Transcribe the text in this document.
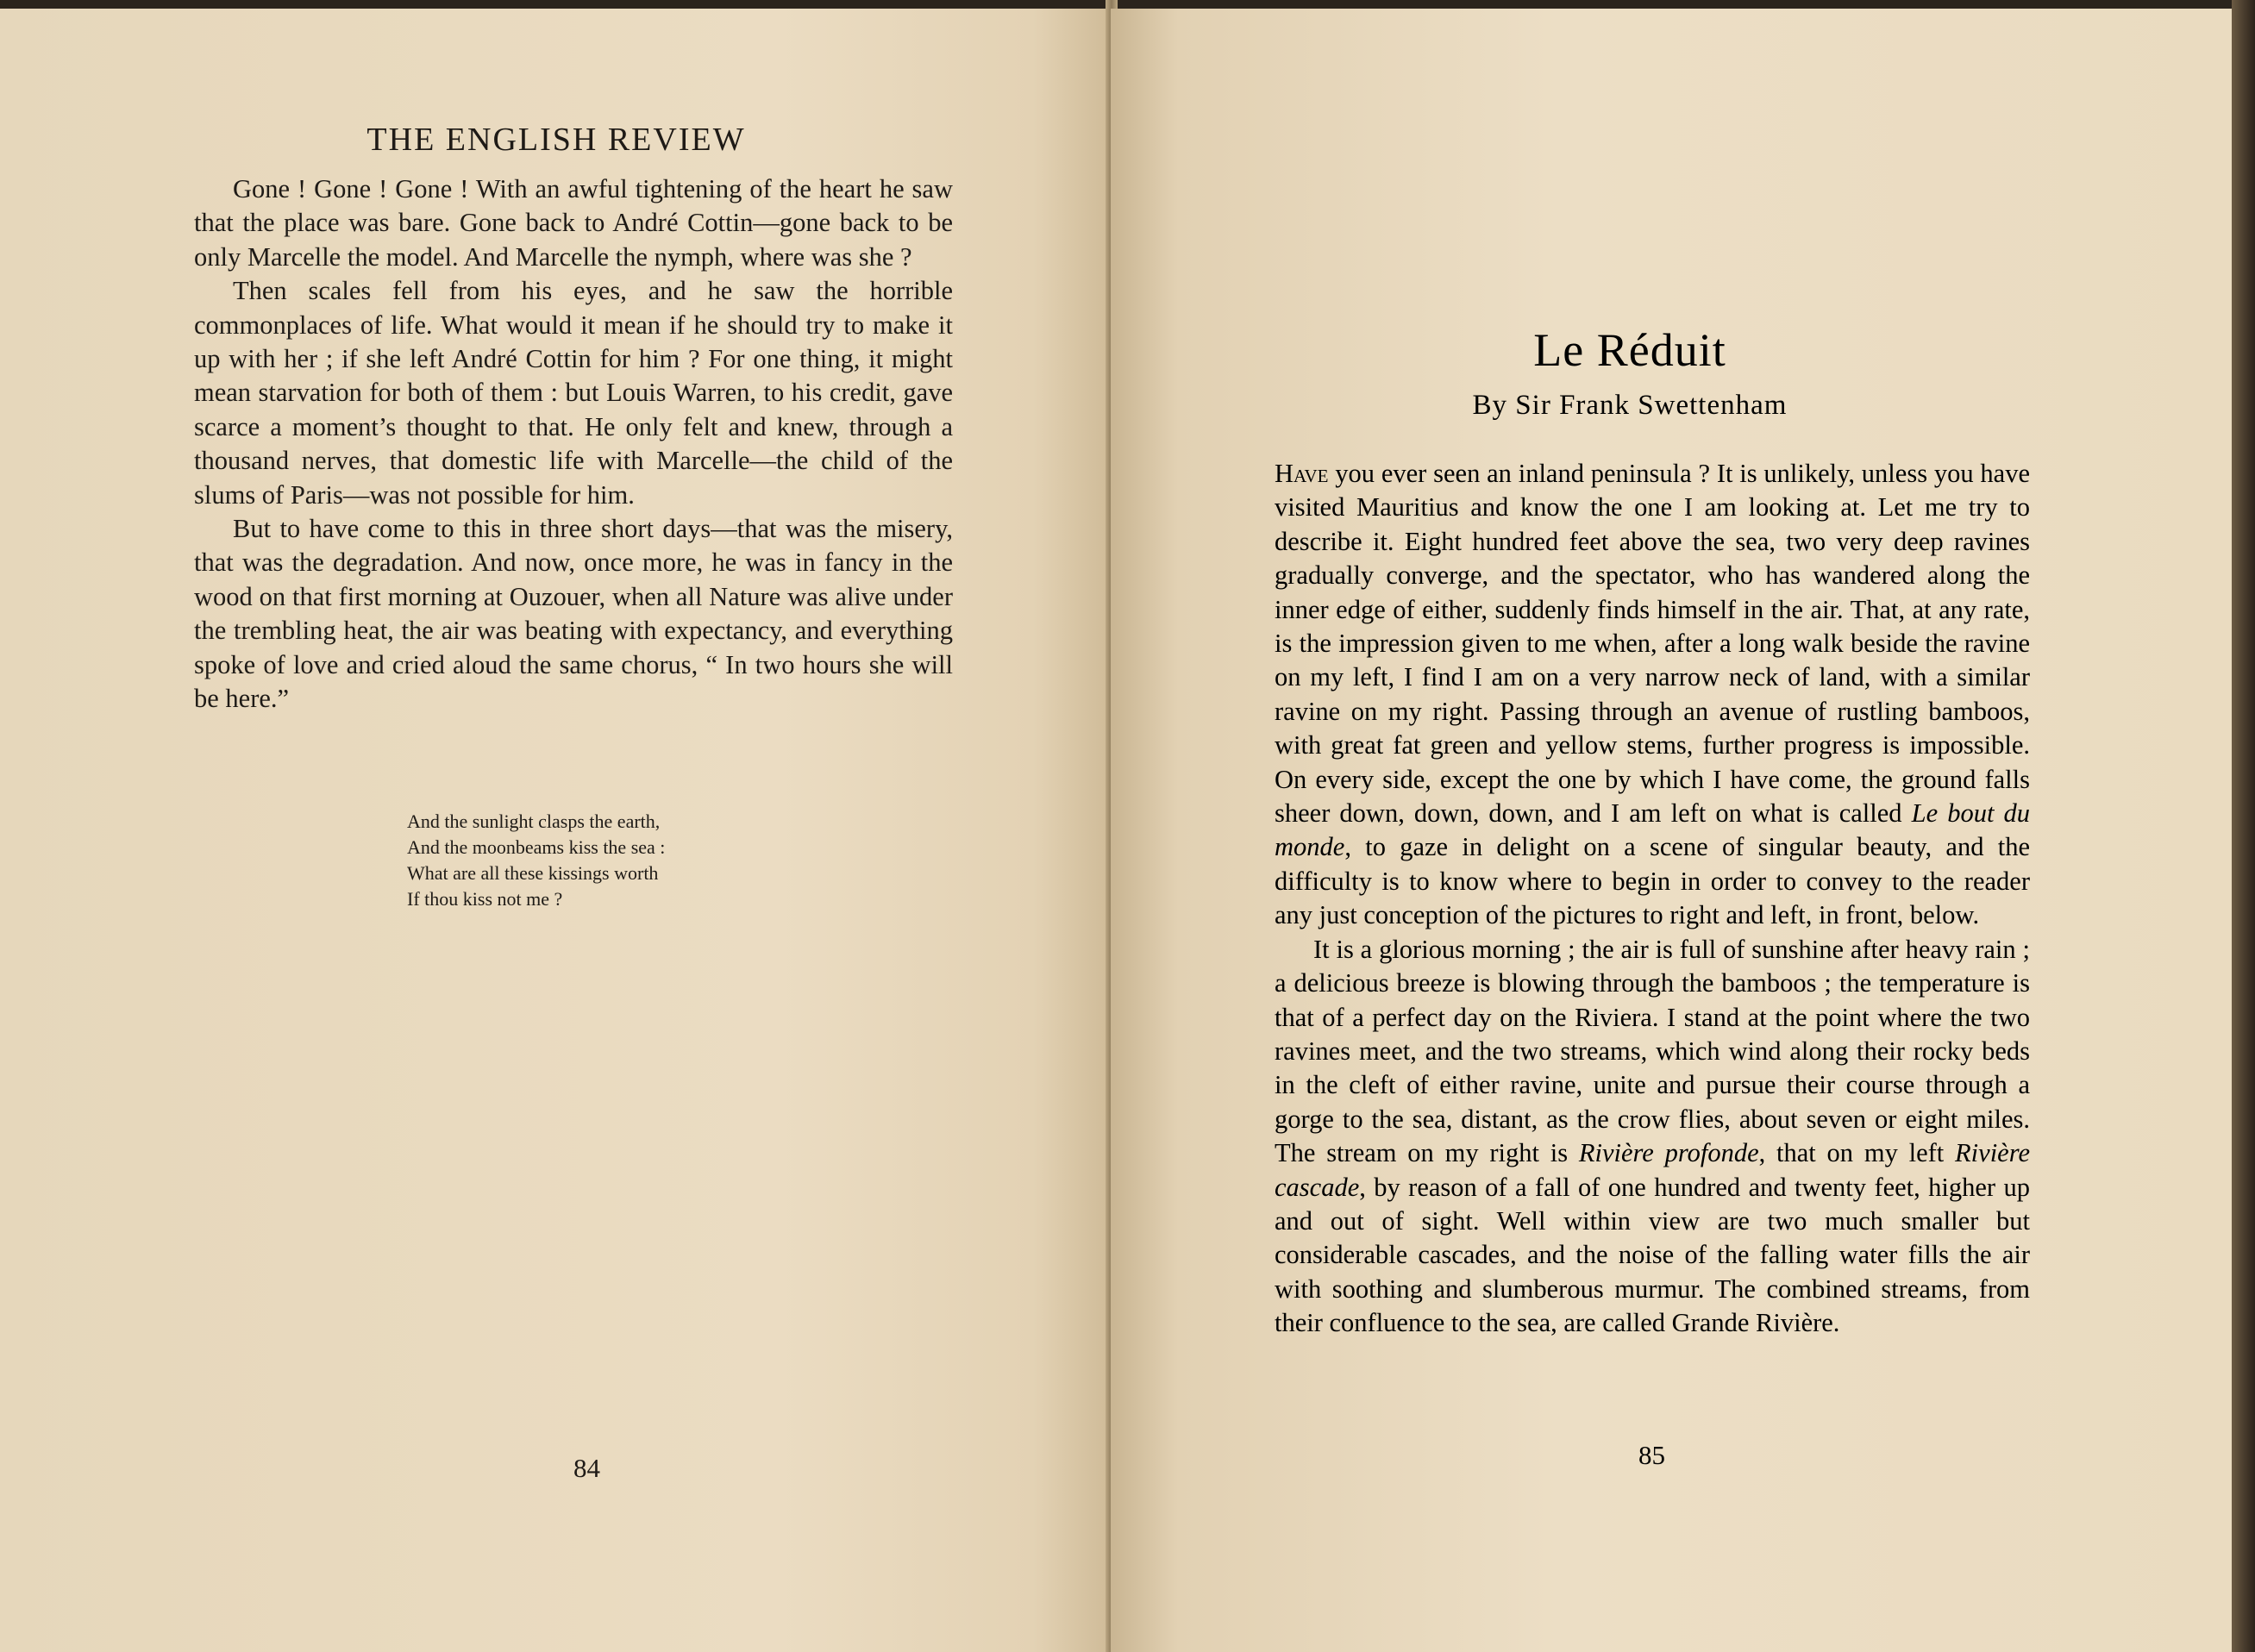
THE ENGLISH REVIEW

Gone ! Gone ! Gone ! With an awful tightening of the heart he saw that the place was bare. Gone back to André Cottin—gone back to be only Marcelle the model. And Marcelle the nymph, where was she ?

Then scales fell from his eyes, and he saw the horrible commonplaces of life. What would it mean if he should try to make it up with her ; if she left André Cottin for him ? For one thing, it might mean starvation for both of them : but Louis Warren, to his credit, gave scarce a moment’s thought to that. He only felt and knew, through a thousand nerves, that domestic life with Marcelle—the child of the slums of Paris—was not possible for him.

But to have come to this in three short days—that was the misery, that was the degradation. And now, once more, he was in fancy in the wood on that first morning at Ouzouer, when all Nature was alive under the trembling heat, the air was beating with expectancy, and everything spoke of love and cried aloud the same chorus, “ In two hours she will be here.”

And the sunlight clasps the earth,
And the moonbeams kiss the sea :
What are all these kissings worth
If thou kiss not me ?
84
Le Réduit
By Sir Frank Swettenham

Have you ever seen an inland peninsula ? It is unlikely, unless you have visited Mauritius and know the one I am looking at. Let me try to describe it. Eight hundred feet above the sea, two very deep ravines gradually converge, and the spectator, who has wandered along the inner edge of either, suddenly finds himself in the air. That, at any rate, is the impression given to me when, after a long walk beside the ravine on my left, I find I am on a very narrow neck of land, with a similar ravine on my right. Passing through an avenue of rustling bamboos, with great fat green and yellow stems, further progress is impossible. On every side, except the one by which I have come, the ground falls sheer down, down, down, and I am left on what is called Le bout du monde, to gaze in delight on a scene of singular beauty, and the difficulty is to know where to begin in order to convey to the reader any just conception of the pictures to right and left, in front, below.

It is a glorious morning ; the air is full of sunshine after heavy rain ; a delicious breeze is blowing through the bamboos ; the temperature is that of a perfect day on the Riviera. I stand at the point where the two ravines meet, and the two streams, which wind along their rocky beds in the cleft of either ravine, unite and pursue their course through a gorge to the sea, distant, as the crow flies, about seven or eight miles. The stream on my right is Rivière profonde, that on my left Rivière cascade, by reason of a fall of one hundred and twenty feet, higher up and out of sight. Well within view are two much smaller but considerable cascades, and the noise of the falling water fills the air with soothing and slumberous murmur. The combined streams, from their confluence to the sea, are called Grande Rivière.

85
